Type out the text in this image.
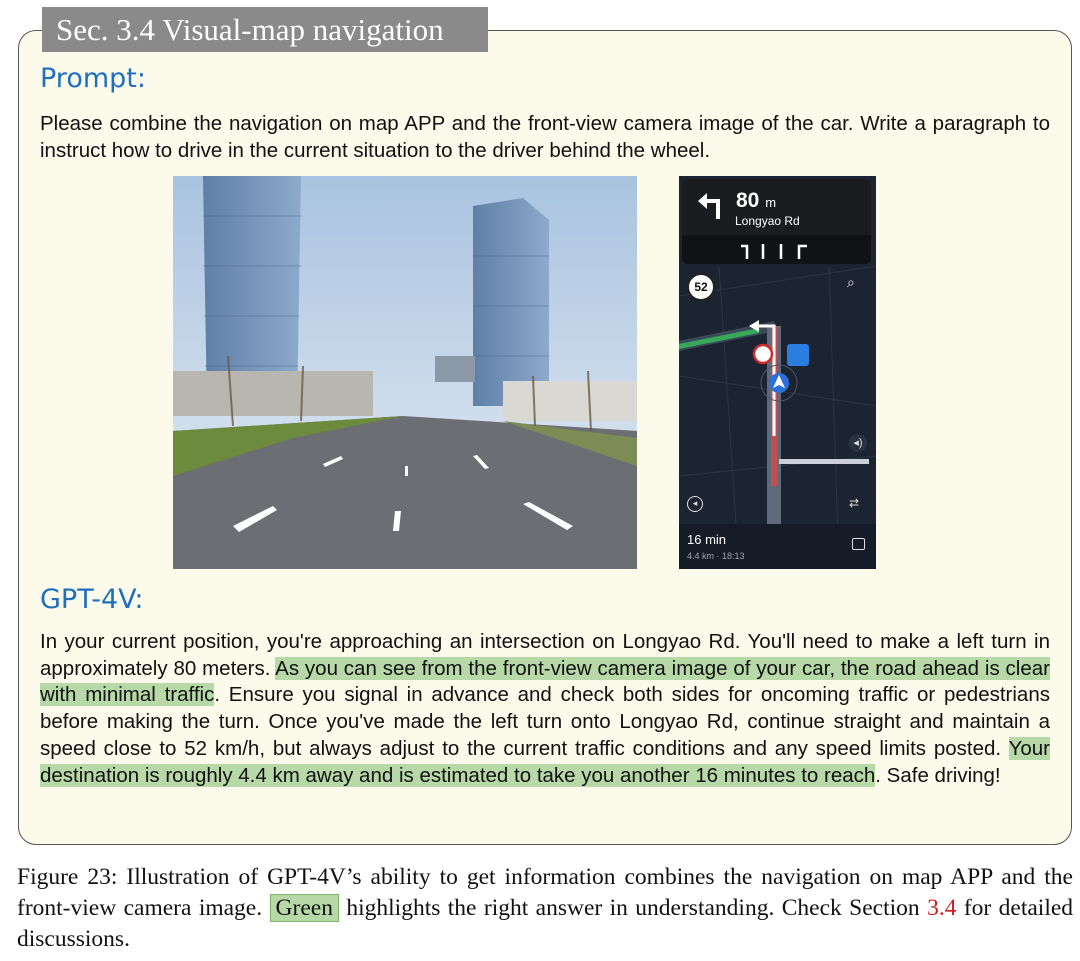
Sec. 3.4 Visual-map navigation
Prompt:
Please combine the navigation on map APP and the front-view camera image of the car. Write a paragraph to instruct how to drive in the current situation to the driver behind the wheel.
80 m
Longyao Rd
52	⌕
◂)
⇄
◂
16 min
4.4 km · 18:13
GPT-4V:
In your current position, you're approaching an intersection on Longyao Rd. You'll need to make a left turn in approximately 80 meters. As you can see from the front-view camera image of your car, the road ahead is clear with minimal traffic. Ensure you signal in advance and check both sides for oncoming traffic or pedestrians before making the turn. Once you've made the left turn onto Longyao Rd, continue straight and maintain a speed close to 52 km/h, but always adjust to the current traffic conditions and any speed limits posted. Your destination is roughly 4.4 km away and is estimated to take you another 16 minutes to reach. Safe driving!
Figure 23: Illustration of GPT-4V’s ability to get information combines the navigation on map APP and the front-view camera image. Green highlights the right answer in understanding. Check Section 3.4 for detailed discussions.
